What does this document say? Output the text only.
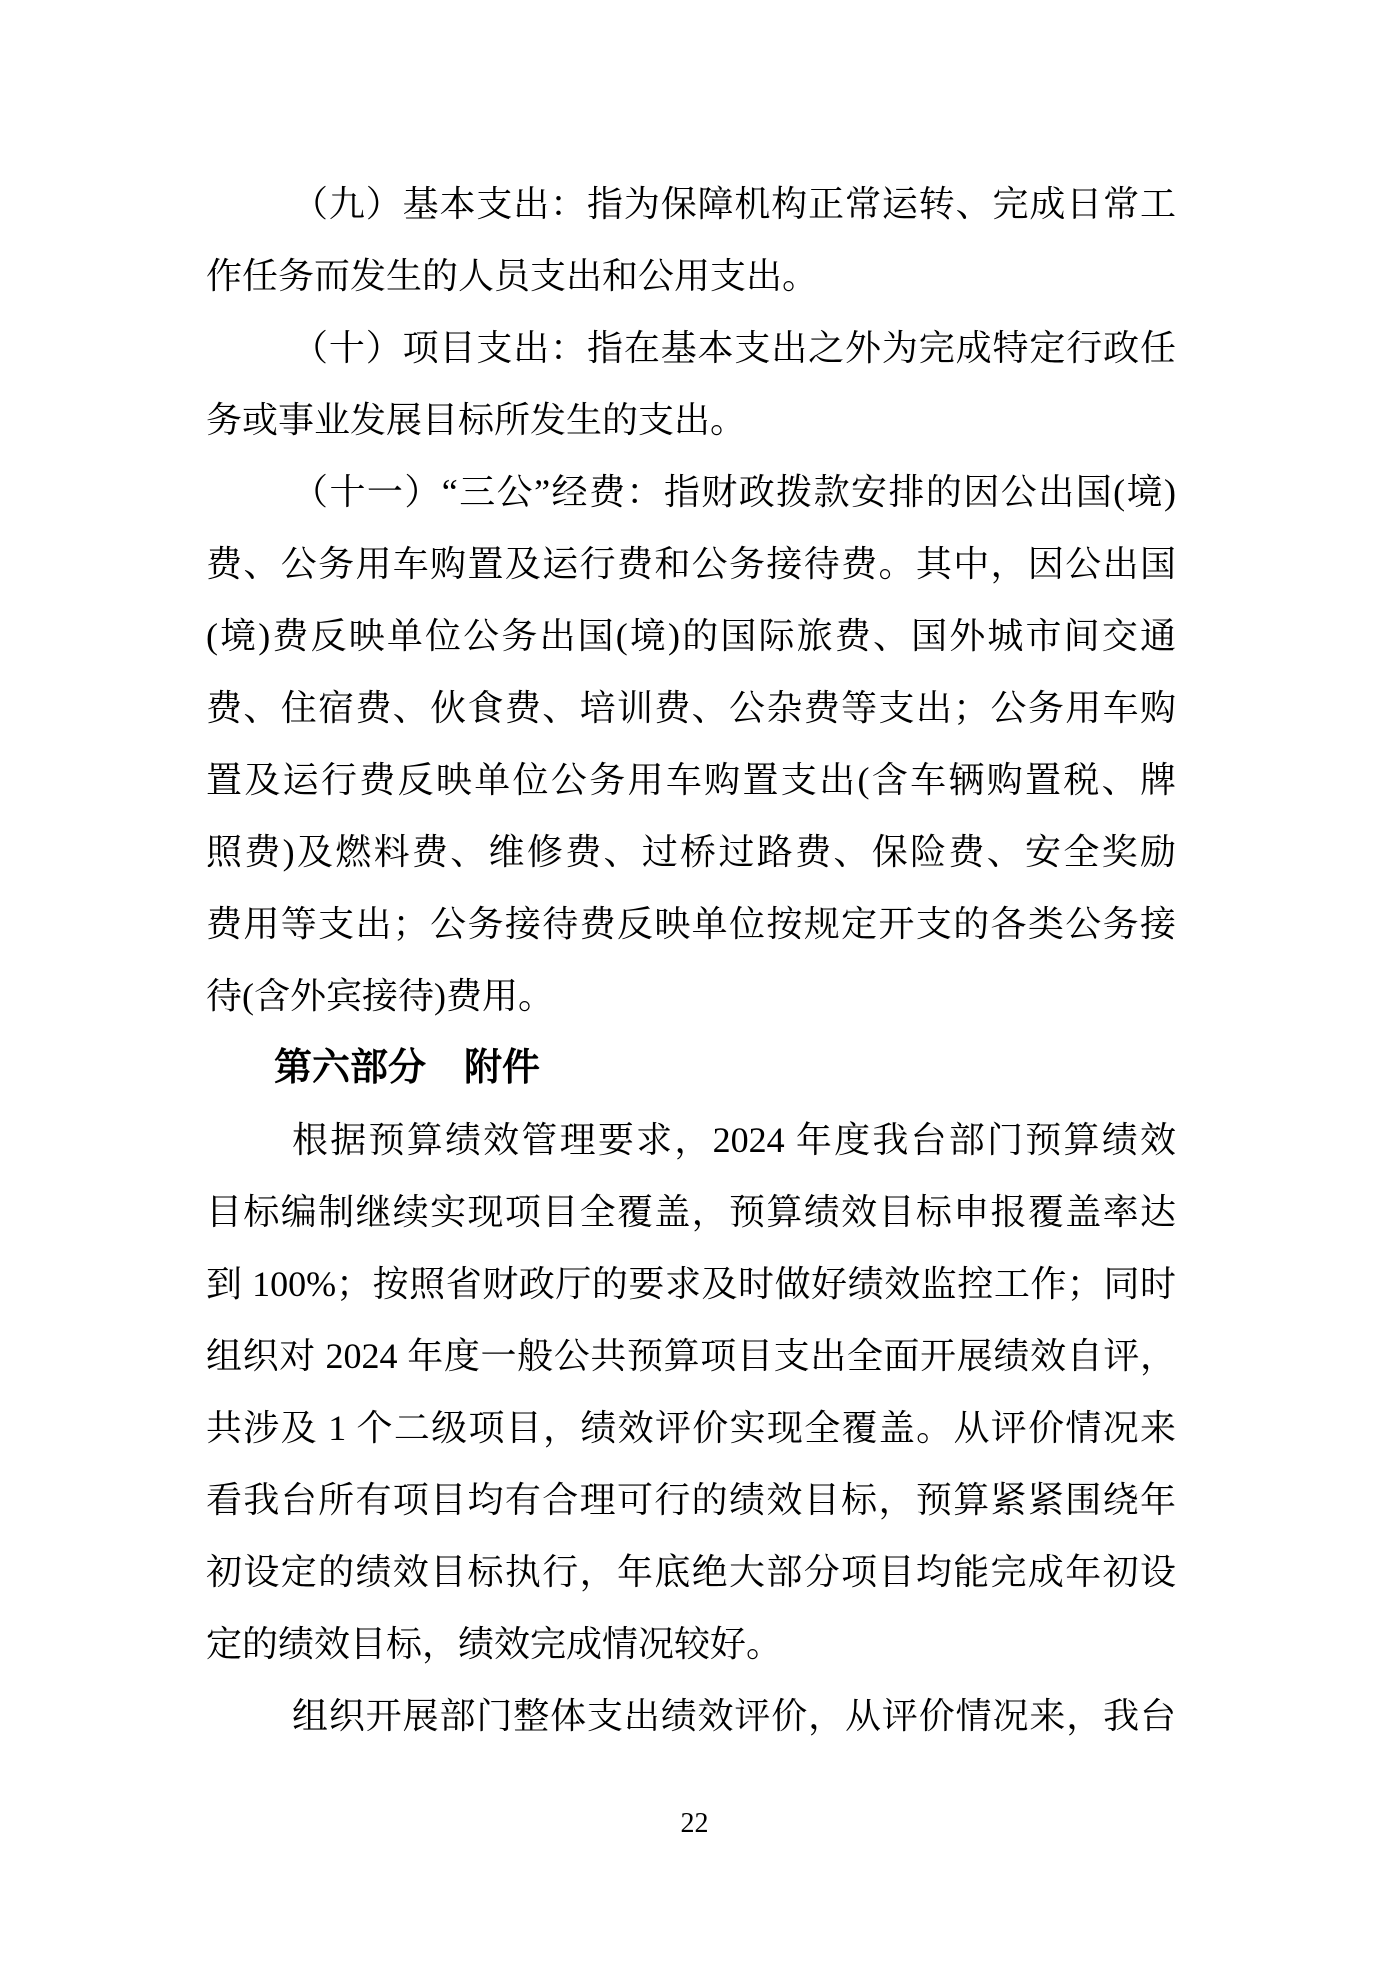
（九）基本支出：指为保障机构正常运转、完成日常工
作任务而发生的人员支出和公用支出。
（十）项目支出：指在基本支出之外为完成特定行政任
务或事业发展目标所发生的支出。
（十一）“三公”经费：指财政拨款安排的因公出国(境)
费、公务用车购置及运行费和公务接待费。其中，因公出国
(境)费反映单位公务出国(境)的国际旅费、国外城市间交通
费、住宿费、伙食费、培训费、公杂费等支出；公务用车购
置及运行费反映单位公务用车购置支出(含车辆购置税、牌
照费)及燃料费、维修费、过桥过路费、保险费、安全奖励
费用等支出；公务接待费反映单位按规定开支的各类公务接
待(含外宾接待)费用。
第六部分　附件
根据预算绩效管理要求，2024 年度我台部门预算绩效
目标编制继续实现项目全覆盖，预算绩效目标申报覆盖率达
到 100%；按照省财政厅的要求及时做好绩效监控工作；同时
组织对 2024 年度一般公共预算项目支出全面开展绩效自评，
共涉及 1 个二级项目，绩效评价实现全覆盖。从评价情况来
看我台所有项目均有合理可行的绩效目标，预算紧紧围绕年
初设定的绩效目标执行，年底绝大部分项目均能完成年初设
定的绩效目标，绩效完成情况较好。
组织开展部门整体支出绩效评价，从评价情况来，我台
22
